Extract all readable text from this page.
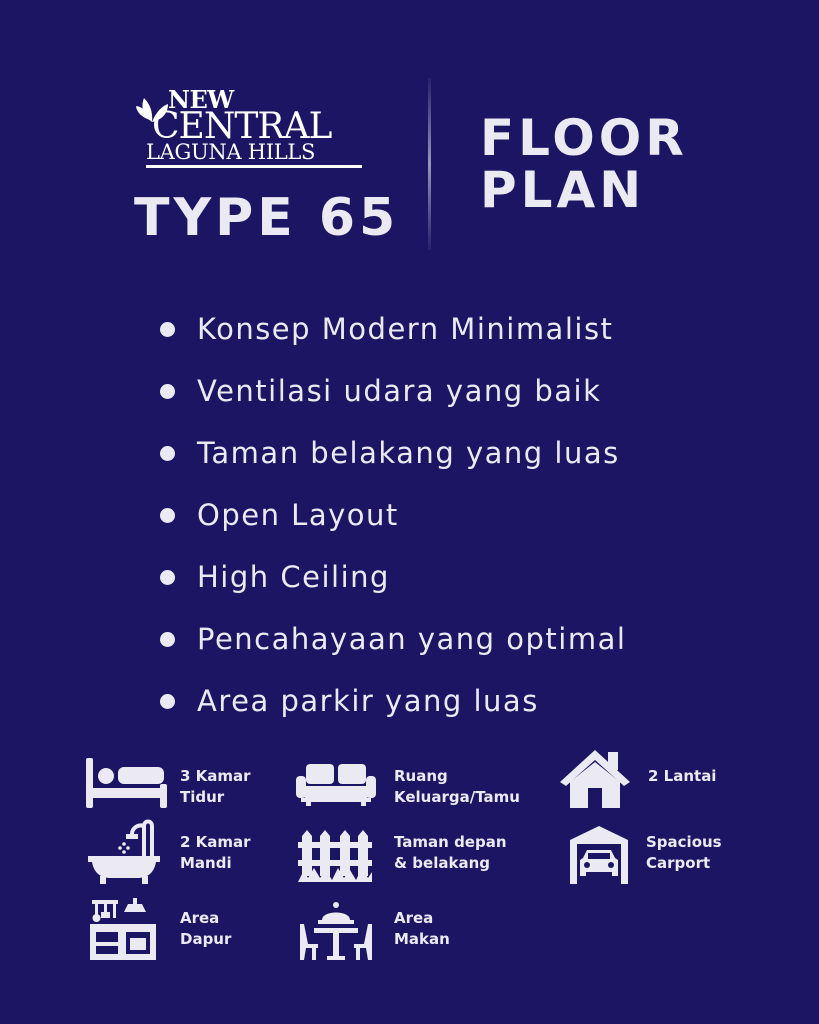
NEW
CENTRAL
LAGUNA HILLS
TYPE 65
FLOOR
PLAN
Konsep Modern Minimalist
Ventilasi udara yang baik
Taman belakang yang luas
Open Layout
High Ceiling
Pencahayaan yang optimal
Area parkir yang luas
3 Kamar
Tidur
Ruang
Keluarga/Tamu
2 Lantai
2 Kamar
Mandi
Taman depan
& belakang
Spacious
Carport
Area
Dapur
Area
Makan
